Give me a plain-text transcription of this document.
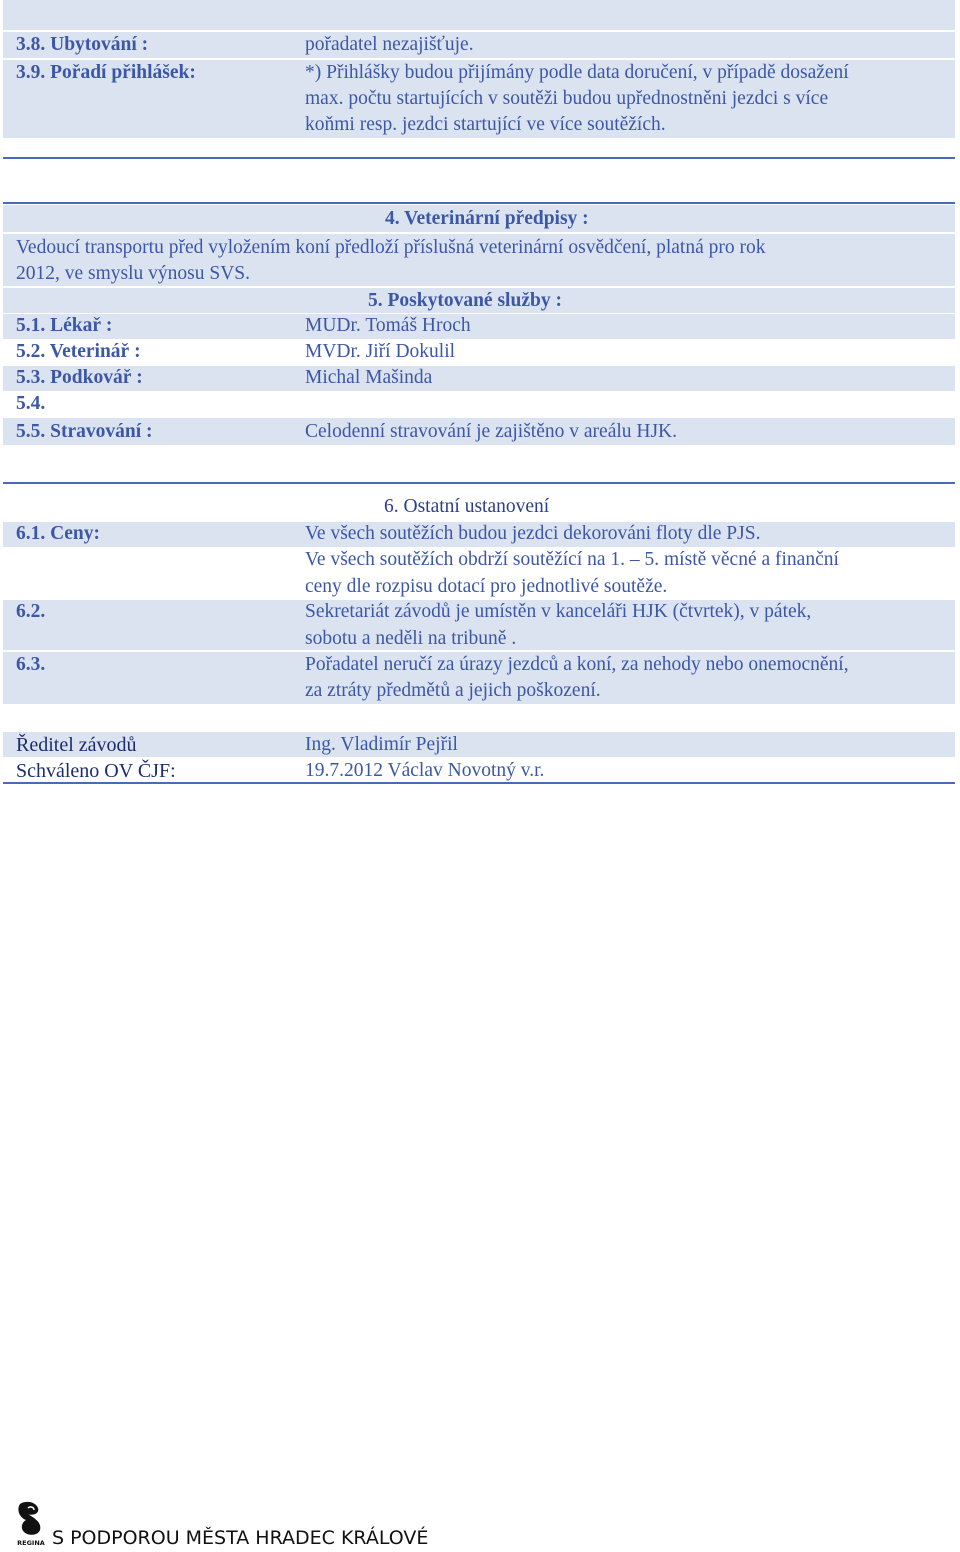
3.8. Ubytování :	pořadatel nezajišťuje.
3.9. Pořadí přihlášek:	*) Přihlášky budou přijímány podle data doručení, v případě dosažení
max. počtu startujících v soutěži budou upřednostněni jezdci s více
koňmi resp. jezdci startující ve více soutěžích.
4. Veterinární předpisy :
Vedoucí transportu před vyložením koní předloží příslušná veterinární osvědčení, platná pro rok
2012, ve smyslu výnosu SVS.
5. Poskytované služby :
5.1. Lékař :	MUDr. Tomáš Hroch
5.2. Veterinář :	MVDr. Jiří Dokulil
5.3. Podkovář :	Michal Mašinda
5.4.
5.5. Stravování :	Celodenní stravování je zajištěno v areálu HJK.
6. Ostatní ustanovení
6.1. Ceny:	Ve všech soutěžích budou jezdci dekorováni floty dle PJS.
Ve všech soutěžích obdrží soutěžící na 1. – 5. místě věcné a finanční
ceny dle rozpisu dotací pro jednotlivé soutěže.
6.2.	Sekretariát závodů je umístěn v kanceláři HJK (čtvrtek), v pátek,
sobotu a neděli na tribuně .
6.3.	Pořadatel neručí za úrazy jezdců a koní, za nehody nebo onemocnění,
za ztráty předmětů a jejich poškození.
Ředitel závodů	Ing. Vladimír Pejřil
Schváleno OV ČJF:	19.7.2012 Václav Novotný v.r.
REGINA S PODPOROU MĚSTA HRADEC KRÁLOVÉ
